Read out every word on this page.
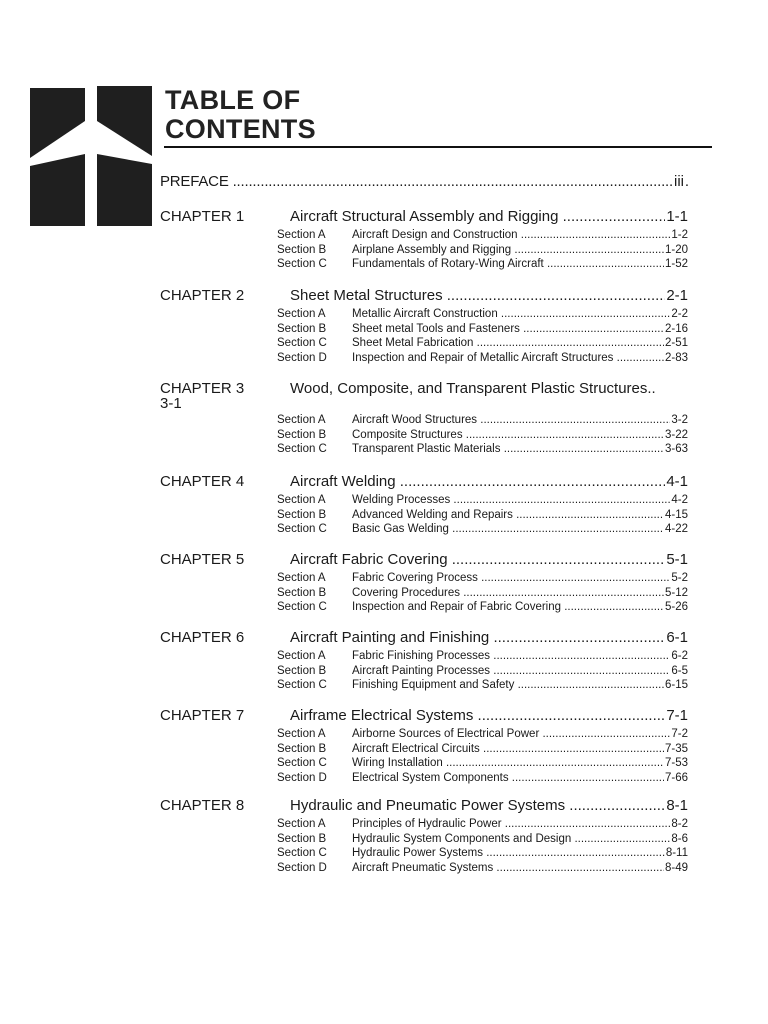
TABLE OF
CONTENTS
PREFACE .....	iii
CHAPTER 1	Aircraft Structural Assembly and Rigging .....	1-1
Section A Aircraft Design and Construction .....	1-2
Section B Airplane Assembly and Rigging .....	1-20
Section C Fundamentals of Rotary-Wing Aircraft .....	1-52
CHAPTER 2	Sheet Metal Structures .....	2-1
Section A Metallic Aircraft Construction .....	2-2
Section B Sheet metal Tools and Fasteners .....	2-16
Section C Sheet Metal Fabrication .....	2-51
Section D Inspection and Repair of Metallic Aircraft Structures .....	2-83
CHAPTER 3	Wood, Composite, and Transparent Plastic Structures..
3-1
Section A Aircraft Wood Structures .....	3-2
Section B Composite Structures .....	3-22
Section C Transparent Plastic Materials .....	3-63
CHAPTER 4	Aircraft Welding .....	4-1
Section A Welding Processes .....	4-2
Section B Advanced Welding and Repairs .....	4-15
Section C Basic Gas Welding .....	4-22
CHAPTER 5	Aircraft Fabric Covering .....	5-1
Section A Fabric Covering Process .....	5-2
Section B Covering Procedures .....	5-12
Section C Inspection and Repair of Fabric Covering .....	5-26
CHAPTER 6	Aircraft Painting and Finishing .....	6-1
Section A Fabric Finishing Processes .....	6-2
Section B Aircraft Painting Processes .....	6-5
Section C Finishing Equipment and Safety .....	6-15
CHAPTER 7	Airframe Electrical Systems .....	7-1
Section A Airborne Sources of Electrical Power .....	7-2
Section B Aircraft Electrical Circuits .....	7-35
Section C Wiring Installation .....	7-53
Section D Electrical System Components .....	7-66
CHAPTER 8	Hydraulic and Pneumatic Power Systems .....	8-1
Section A Principles of Hydraulic Power .....	8-2
Section B Hydraulic System Components and Design .....	8-6
Section C Hydraulic Power Systems .....	8-11
Section D Aircraft Pneumatic Systems .....	8-49
